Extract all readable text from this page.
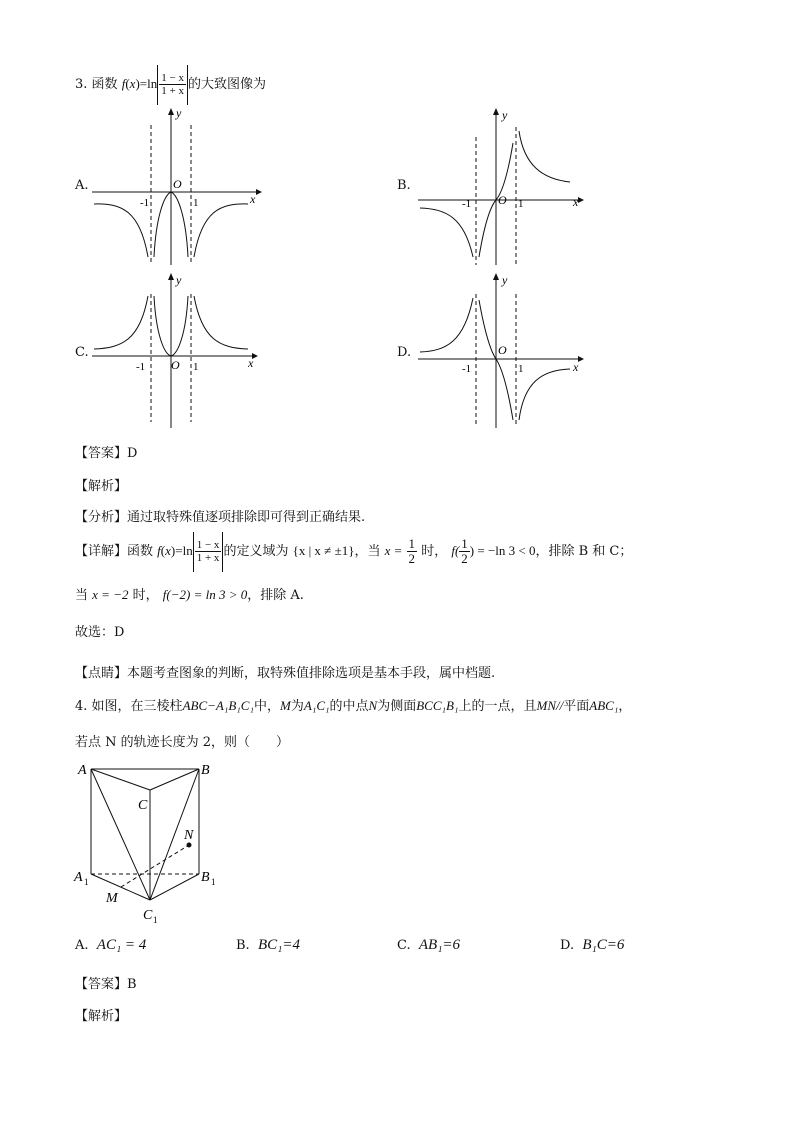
3. 函数 $f(x)=\ln \frac{1 - x}{1 + x}$ 的大致图像为
A.	B.
C.	D.
y
O
-1	1	x
y
O
-1	1	x
y
O
-1	1	x
y
O
-1	1	x
【答案】D
【解析】
【分析】通过取特殊值逐项排除即可得到正确结果.
【详解】函数 $f(x)=\ln \frac{1 - x}{1 + x}$ 的定义域为 {x | x ≠ ±1}，当 $x = \frac{1}{2}$ 时， $f( \frac{1}{2}$ ) = −ln 3 < 0，排除 B 和 C；
当 x = −2 时， f(−2) = ln 3 > 0，排除 A.
故选：D
【点睛】本题考查图象的判断，取特殊值排除选项是基本手段，属中档题.
4. 如图，在三棱柱ABC−A₁B₁C₁中，M为A₁C₁的中点N为侧面BCC₁B₁上的一点，且MN//平面ABC₁，
若点 N 的轨迹长度为 2，则（　　）
A	B
C
N
A 1	B 1
M
C 1
A. AC₁ = 4	B. BC₁=4	C. AB₁=6	D. B₁C=6
【答案】B
【解析】
